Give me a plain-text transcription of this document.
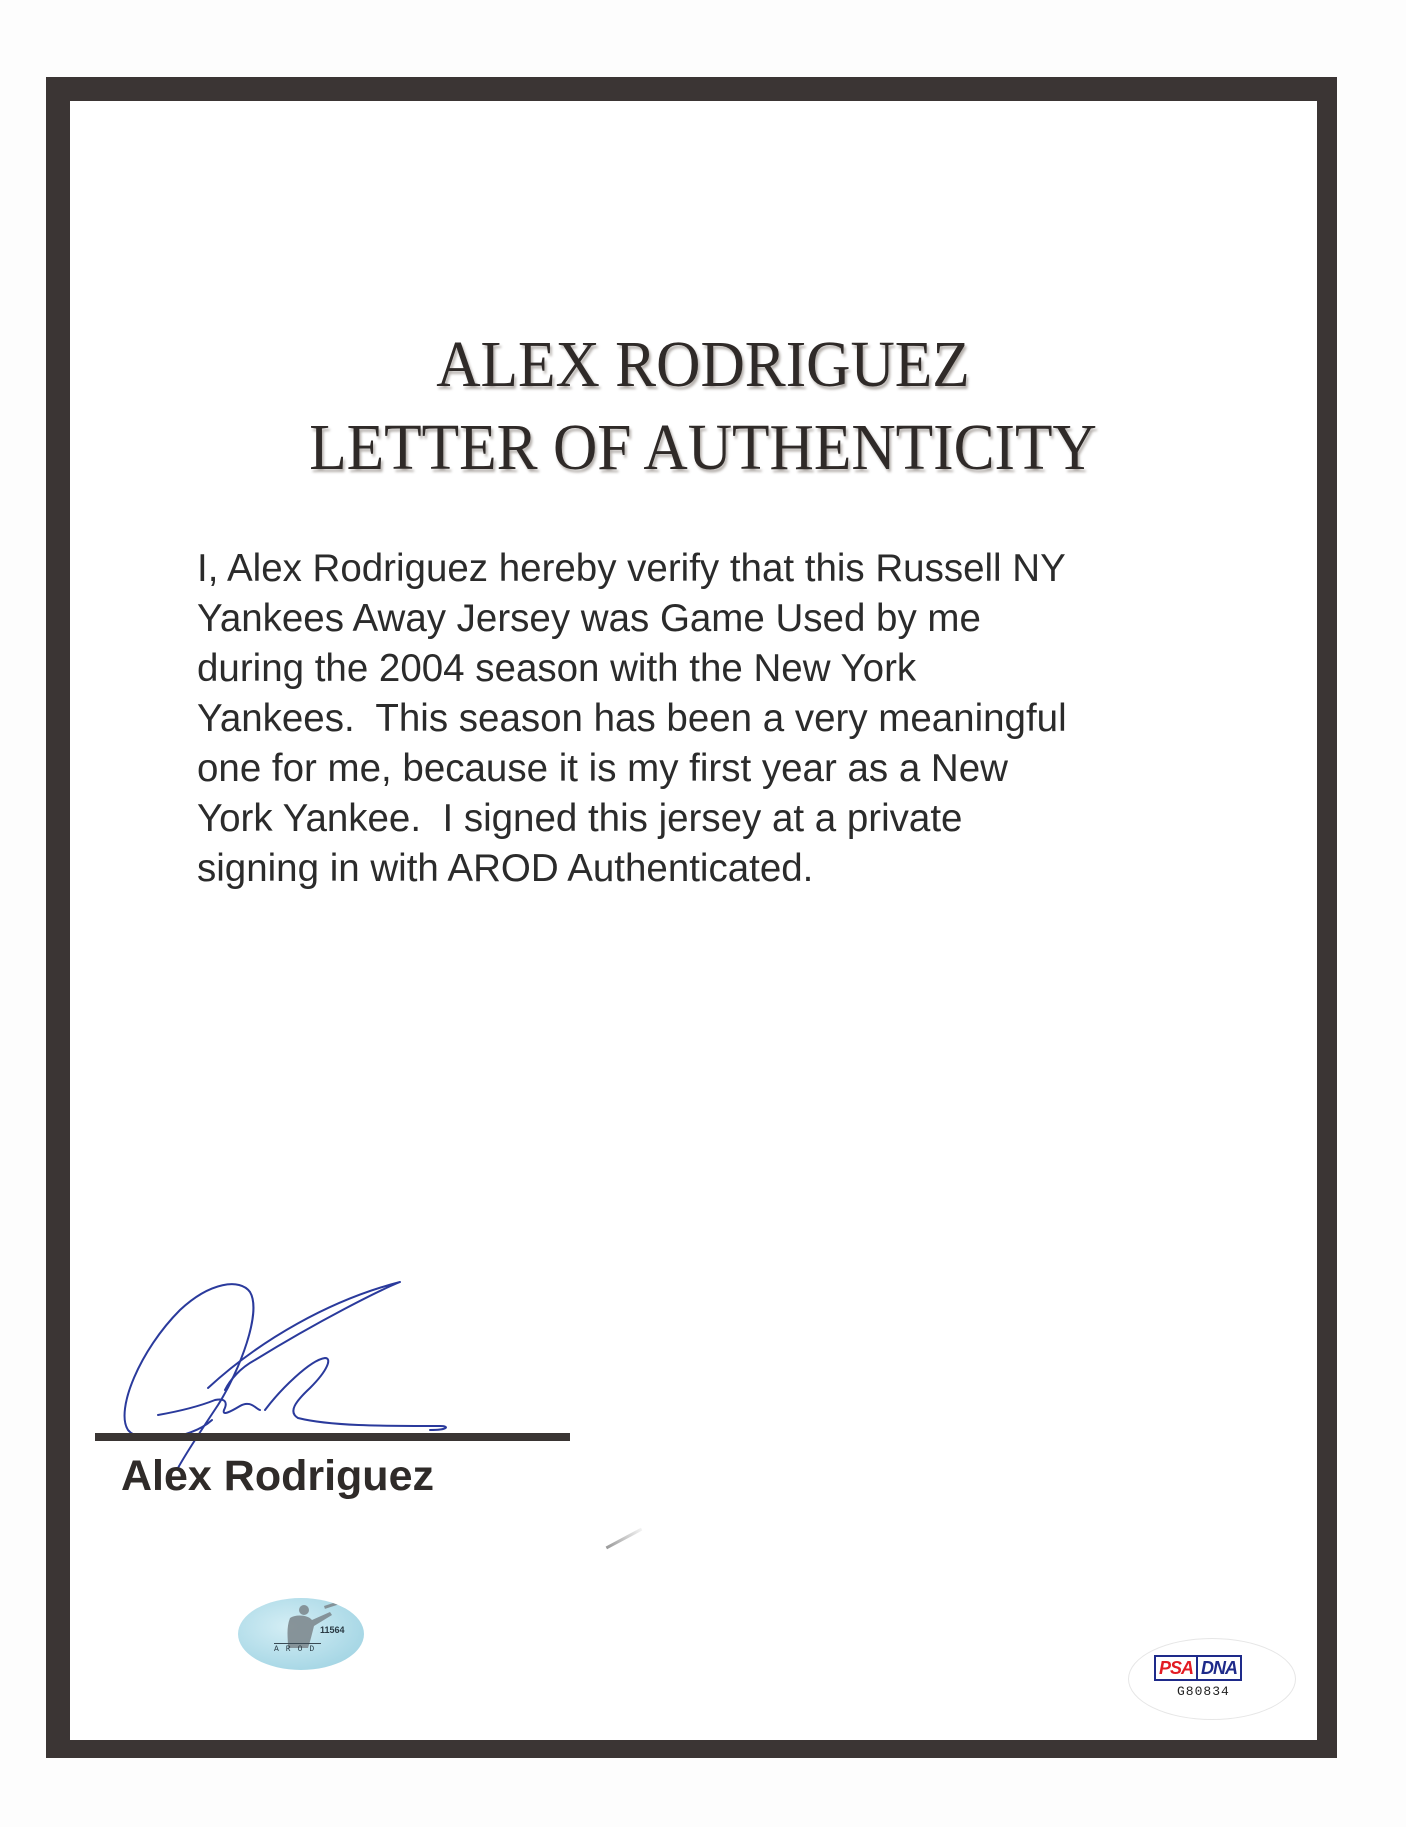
ALEX RODRIGUEZ
LETTER OF AUTHENTICITY
I, Alex Rodriguez hereby verify that this Russell NY
Yankees Away Jersey was Game Used by me
during the 2004 season with the New York
Yankees.  This season has been a very meaningful
one for me, because it is my first year as a New
York Yankee.  I signed this jersey at a private
signing in with AROD Authenticated.
Alex Rodriguez
11564
AROD
PSA DNA
G80834
